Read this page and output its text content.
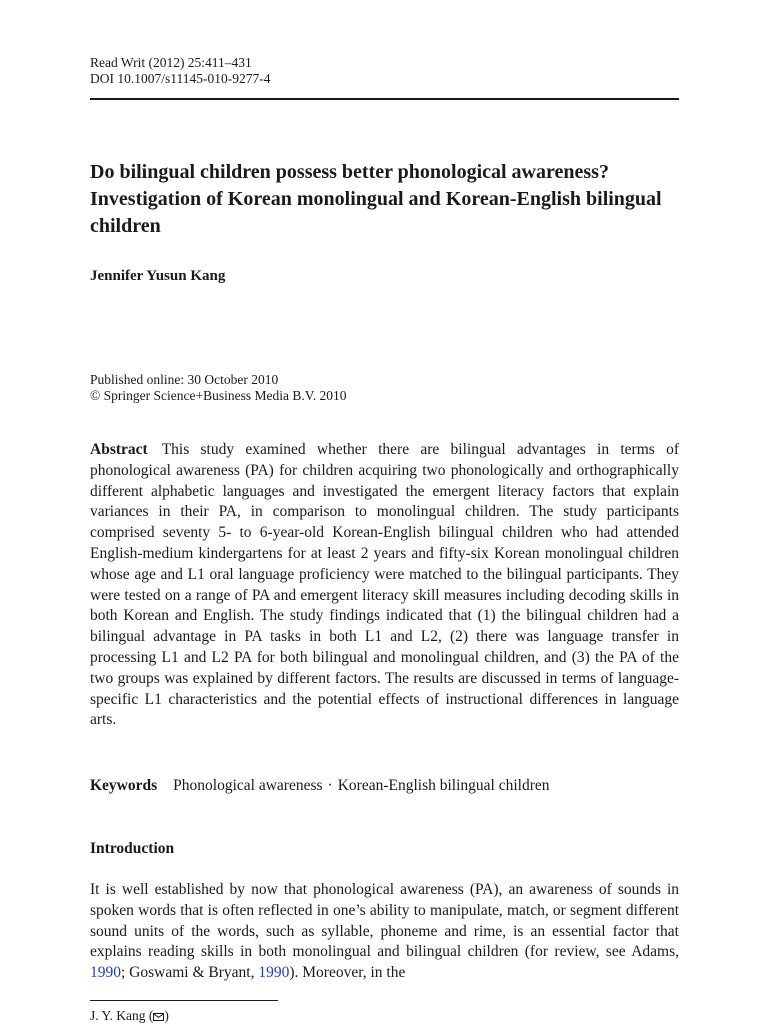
Read Writ (2012) 25:411–431
DOI 10.1007/s11145-010-9277-4
Do bilingual children possess better phonological awareness? Investigation of Korean monolingual and Korean-English bilingual children
Jennifer Yusun Kang
Published online: 30 October 2010
© Springer Science+Business Media B.V. 2010

Abstract This study examined whether there are bilingual advantages in terms of phonological awareness (PA) for children acquiring two phonologically and orthographically different alphabetic languages and investigated the emergent literacy factors that explain variances in their PA, in comparison to monolingual children. The study participants comprised seventy 5- to 6-year-old Korean-English bilingual children who had attended English-medium kindergartens for at least 2 years and fifty-six Korean monolingual children whose age and L1 oral language proficiency were matched to the bilingual participants. They were tested on a range of PA and emergent literacy skill measures including decoding skills in both Korean and English. The study findings indicated that (1) the bilingual children had a bilingual advantage in PA tasks in both L1 and L2, (2) there was language transfer in processing L1 and L2 PA for both bilingual and monolingual children, and (3) the PA of the two groups was explained by different factors. The results are discussed in terms of language-specific L1 characteristics and the potential effects of instructional differences in language arts.

Keywords Phonological awareness · Korean-English bilingual children
Introduction

It is well established by now that phonological awareness (PA), an awareness of sounds in spoken words that is often reflected in one’s ability to manipulate, match, or segment different sound units of the words, such as syllable, phoneme and rime, is an essential factor that explains reading skills in both monolingual and bilingual children (for review, see Adams, 1990; Goswami & Bryant, 1990). Moreover, in the

J. Y. Kang ( )
